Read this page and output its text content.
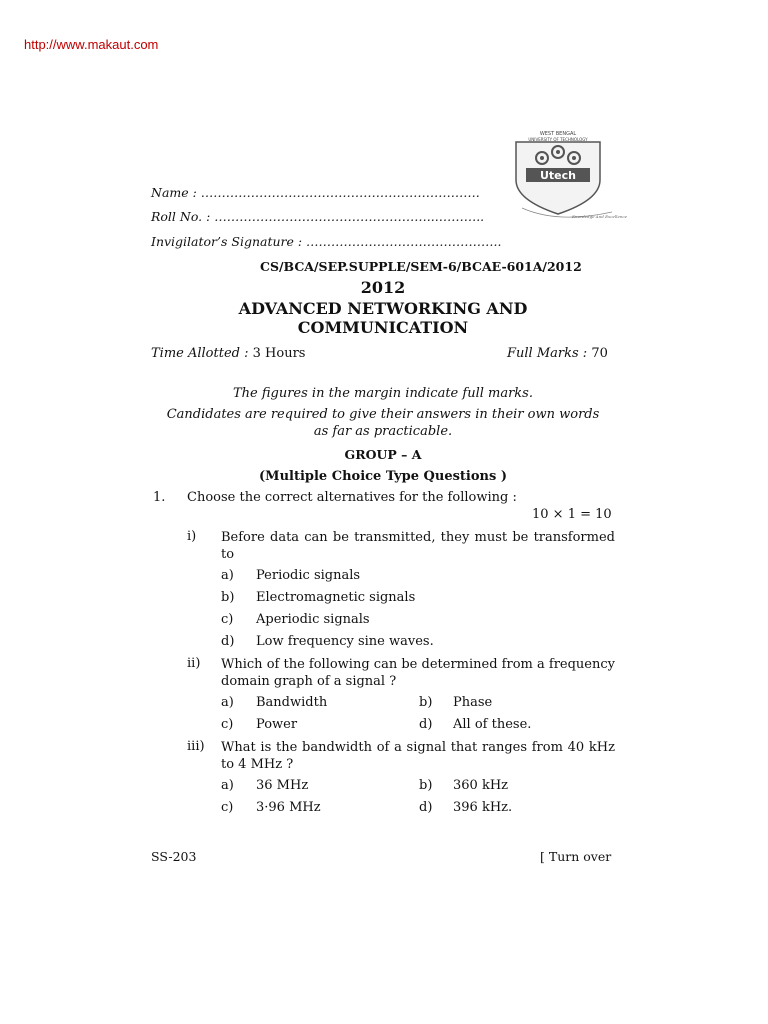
http://www.makaut.com
WEST BENGAL
UNIVERSITY OF TECHNOLOGY
Utech
Knowledge And Excellence
Name : ………………………………………………………….
Roll No. : ……………………………………………...………..
Invigilator’s Signature : ………………………………………..
CS/BCA/SEP.SUPPLE/SEM-6/BCAE-601A/2012
2012
ADVANCED NETWORKING AND
COMMUNICATION
Time Allotted : 3 Hours	Full Marks : 70
The figures in the margin indicate full marks.
Candidates are required to give their answers in their own words
as far as practicable.
GROUP – A
(Multiple Choice Type Questions )
1. Choose the correct alternatives for the following :
10 × 1 = 10
i) Before data can be transmitted, they must be transformed to
a) Periodic signals
b) Electromagnetic signals
c) Aperiodic signals
d) Low frequency sine waves.
ii) Which of the following can be determined from a frequency domain graph of a signal ?
a) Bandwidth	b) Phase
c) Power	d) All of these.
iii) What is the bandwidth of a signal that ranges from 40 kHz to 4 MHz ?
a) 36 MHz	b) 360 kHz
c) 3·96 MHz	d) 396 kHz.
SS-203	[ Turn over
